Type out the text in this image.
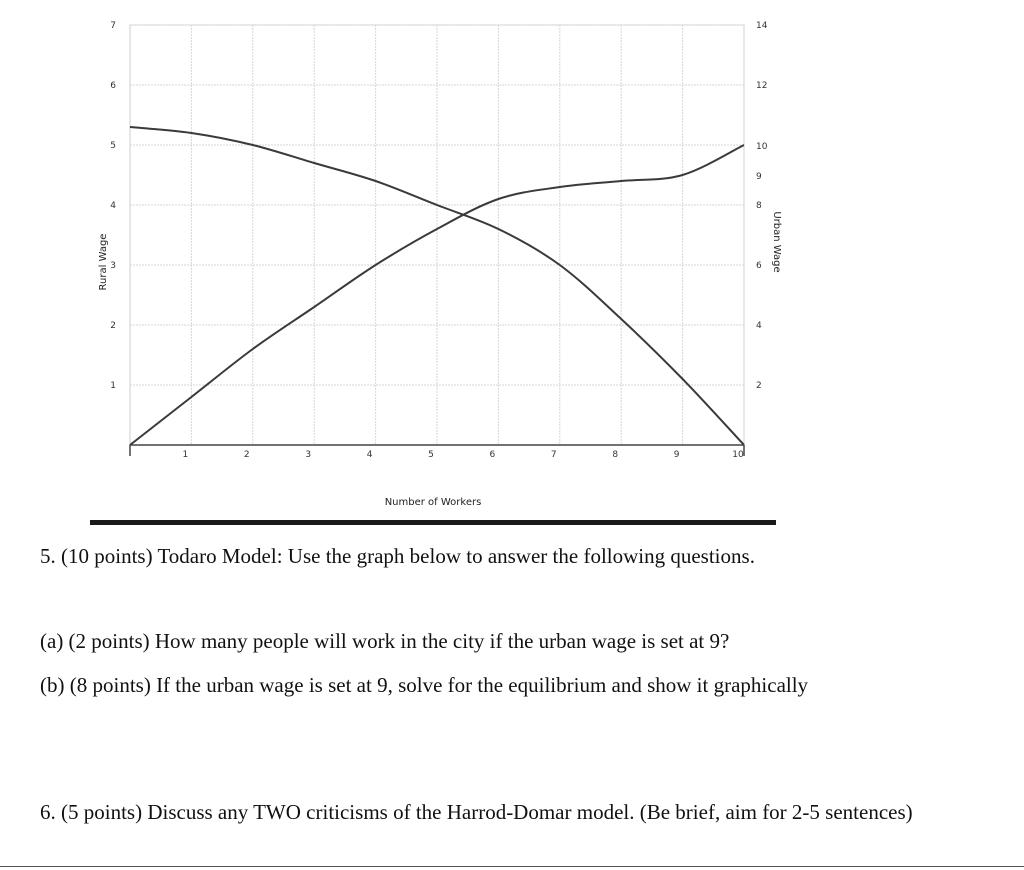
1	2	3	4	5	6	7	8	9	10
1
2
3
4
5
6
7
2
4
6
8
9
10
12
14
Number of Workers
Rural Wage	Urban Wage

5. (10 points) Todaro Model: Use the graph below to answer the following questions.

(a) (2 points) How many people will work in the city if the urban wage is set at 9?

(b) (8 points) If the urban wage is set at 9, solve for the equilibrium and show it graphically

6. (5 points) Discuss any TWO criticisms of the Harrod-Domar model. (Be brief, aim for 2-5 sentences)
